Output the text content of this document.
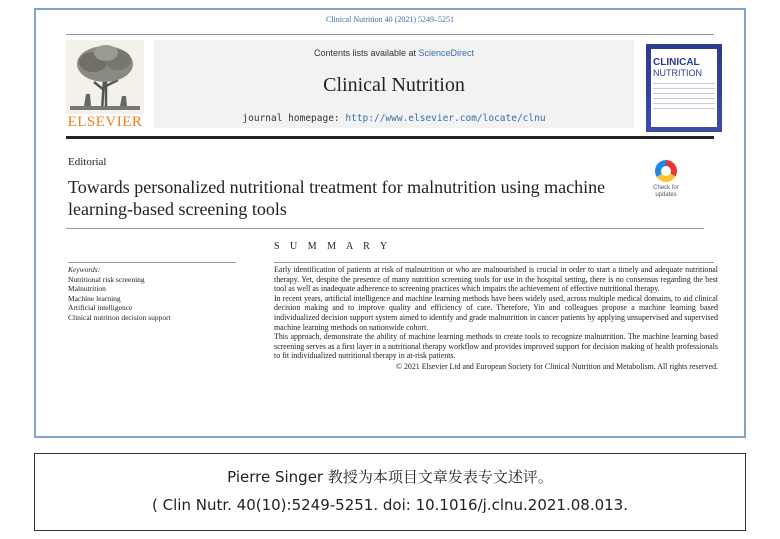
Clinical Nutrition 40 (2021) 5249–5251
ELSEVIER
Contents lists available at ScienceDirect
Clinical Nutrition
journal homepage: http://www.elsevier.com/locate/clnu
CLINICAL
NUTRITION
Editorial
Towards personalized nutritional treatment for malnutrition using machine learning-based screening tools
Check for updates
S U M M A R Y
Keywords:
Nutritional risk screening
Malnutrition
Machine learning
Artificial intelligence
Clinical nutrition decision support

Early identification of patients at risk of malnutrition or who are malnourished is crucial in order to start a timely and adequate nutritional therapy. Yet, despite the presence of many nutrition screening tools for use in the hospital setting, there is no consensus regarding the best tool as well as inadequate adherence to screening practices which impairs the achievement of effective nutritional therapy.

In recent years, artificial intelligence and machine learning methods have been widely used, across multiple medical domains, to aid clinical decision making and to improve quality and efficiency of care. Therefore, Yin and colleagues propose a machine learning based individualized decision support system aimed to identify and grade malnutrition in cancer patients by applying unsupervised and supervised machine learning methods on nationwide cohort.

This approach, demonstrate the ability of machine learning methods to create tools to recognize malnutrition. The machine learning based screening serves as a first layer in a nutritional therapy workflow and provides improved support for decision making of health professionals to fit individualized nutritional therapy in at-risk patients.

© 2021 Elsevier Ltd and European Society for Clinical Nutrition and Metabolism. All rights reserved.

Pierre Singer 教授为本项目文章发表专文述评。
( Clin Nutr. 40(10):5249-5251. doi: 10.1016/j.clnu.2021.08.013.
